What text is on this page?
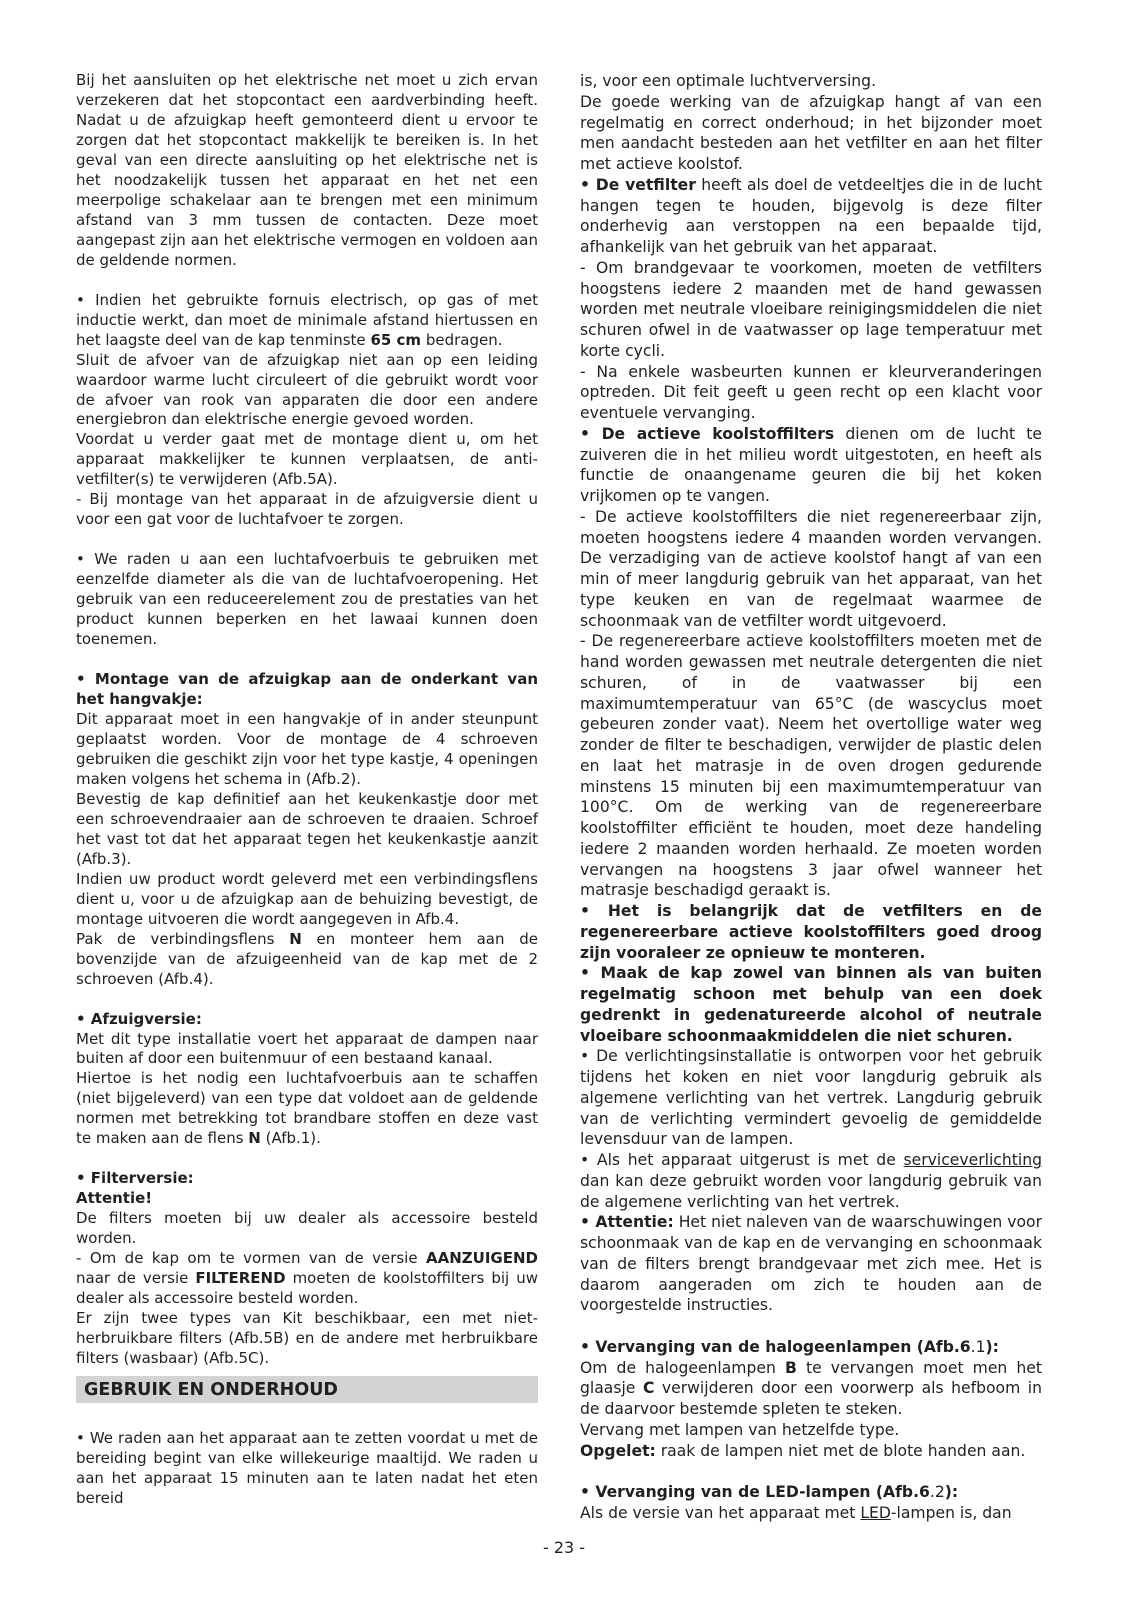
Bij het aansluiten op het elektrische net moet u zich ervan verzekeren dat het stopcontact een aardverbinding heeft. Nadat u de afzuigkap heeft gemonteerd dient u ervoor te zorgen dat het stopcontact makkelijk te bereiken is. In het geval van een directe aansluiting op het elektrische net is het noodzakelijk tussen het apparaat en het net een meerpolige schakelaar aan te brengen met een minimum afstand van 3 mm tussen de contacten. Deze moet aangepast zijn aan het elektrische vermogen en voldoen aan de geldende normen.

• Indien het gebruikte fornuis electrisch, op gas of met inductie werkt, dan moet de minimale afstand hiertussen en het laagste deel van de kap tenminste 65 cm bedragen.

Sluit de afvoer van de afzuigkap niet aan op een leiding waardoor warme lucht circuleert of die gebruikt wordt voor de afvoer van rook van apparaten die door een andere energiebron dan elektrische energie gevoed worden.

Voordat u verder gaat met de montage dient u, om het apparaat makkelijker te kunnen verplaatsen, de anti-vetfilter(s) te verwijderen (Afb.5A).

- Bij montage van het apparaat in de afzuigversie dient u voor een gat voor de luchtafvoer te zorgen.

• We raden u aan een luchtafvoerbuis te gebruiken met eenzelfde diameter als die van de luchtafvoeropening. Het gebruik van een reduceerelement zou de prestaties van het product kunnen beperken en het lawaai kunnen doen toenemen.

• Montage van de afzuigkap aan de onderkant van het hangvakje:

Dit apparaat moet in een hangvakje of in ander steunpunt geplaatst worden. Voor de montage de 4 schroeven gebruiken die geschikt zijn voor het type kastje, 4 openingen maken volgens het schema in (Afb.2).

Bevestig de kap definitief aan het keukenkastje door met een schroevendraaier aan de schroeven te draaien. Schroef het vast tot dat het apparaat tegen het keukenkastje aanzit (Afb.3).

Indien uw product wordt geleverd met een verbindingsflens dient u, voor u de afzuigkap aan de behuizing bevestigt, de montage uitvoeren die wordt aangegeven in Afb.4.

Pak de verbindingsflens N en monteer hem aan de bovenzijde van de afzuigeenheid van de kap met de 2 schroeven (Afb.4).

• Afzuigversie:

Met dit type installatie voert het apparaat de dampen naar buiten af door een buitenmuur of een bestaand kanaal.

Hiertoe is het nodig een luchtafvoerbuis aan te schaffen (niet bijgeleverd) van een type dat voldoet aan de geldende normen met betrekking tot brandbare stoffen en deze vast te maken aan de flens N (Afb.1).

• Filterversie:

Attentie!

De filters moeten bij uw dealer als accessoire besteld worden.

- Om de kap om te vormen van de versie AANZUIGEND naar de versie FILTEREND moeten de koolstoffilters bij uw dealer als accessoire besteld worden.

Er zijn twee types van Kit beschikbaar, een met niet-herbruikbare filters (Afb.5B) en de andere met herbruikbare filters (wasbaar) (Afb.5C).

GEBRUIK EN ONDERHOUD

• We raden aan het apparaat aan te zetten voordat u met de bereiding begint van elke willekeurige maaltijd. We raden u aan het apparaat 15 minuten aan te laten nadat het eten bereid

is, voor een optimale luchtverversing.

De goede werking van de afzuigkap hangt af van een regelmatig en correct onderhoud; in het bijzonder moet men aandacht besteden aan het vetfilter en aan het filter met actieve koolstof.

• De vetfilter heeft als doel de vetdeeltjes die in de lucht hangen tegen te houden, bijgevolg is deze filter onderhevig aan verstoppen na een bepaalde tijd, afhankelijk van het gebruik van het apparaat.

- Om brandgevaar te voorkomen, moeten de vetfilters hoogstens iedere 2 maanden met de hand gewassen worden met neutrale vloeibare reinigingsmiddelen die niet schuren ofwel in de vaatwasser op lage temperatuur met korte cycli.

- Na enkele wasbeurten kunnen er kleurveranderingen optreden. Dit feit geeft u geen recht op een klacht voor eventuele vervanging.

• De actieve koolstoffilters dienen om de lucht te zuiveren die in het milieu wordt uitgestoten, en heeft als functie de onaangename geuren die bij het koken vrijkomen op te vangen.

- De actieve koolstoffilters die niet regenereerbaar zijn, moeten hoogstens iedere 4 maanden worden vervangen. De verzadiging van de actieve koolstof hangt af van een min of meer langdurig gebruik van het apparaat, van het type keuken en van de regelmaat waarmee de schoonmaak van de vetfilter wordt uitgevoerd.

- De regenereerbare actieve koolstoffilters moeten met de hand worden gewassen met neutrale detergenten die niet schuren, of in de vaatwasser bij een maximumtemperatuur van 65°C (de wascyclus moet gebeuren zonder vaat). Neem het overtollige water weg zonder de filter te beschadigen, verwijder de plastic delen en laat het matrasje in de oven drogen gedurende minstens 15 minuten bij een maximumtemperatuur van 100°C. Om de werking van de regenereerbare koolstoffilter efficiënt te houden, moet deze handeling iedere 2 maanden worden herhaald. Ze moeten worden vervangen na hoogstens 3 jaar ofwel wanneer het matrasje beschadigd geraakt is.

• Het is belangrijk dat de vetfilters en de regenereerbare actieve koolstoffilters goed droog zijn vooraleer ze opnieuw te monteren.

• Maak de kap zowel van binnen als van buiten regelmatig schoon met behulp van een doek gedrenkt in gedenatureerde alcohol of neutrale vloeibare schoonmaakmiddelen die niet schuren.

• De verlichtingsinstallatie is ontworpen voor het gebruik tijdens het koken en niet voor langdurig gebruik als algemene verlichting van het vertrek. Langdurig gebruik van de verlichting vermindert gevoelig de gemiddelde levensduur van de lampen.

• Als het apparaat uitgerust is met de serviceverlichting dan kan deze gebruikt worden voor langdurig gebruik van de algemene verlichting van het vertrek.

• Attentie: Het niet naleven van de waarschuwingen voor schoonmaak van de kap en de vervanging en schoonmaak van de filters brengt brandgevaar met zich mee. Het is daarom aangeraden om zich te houden aan de voorgestelde instructies.

• Vervanging van de halogeenlampen (Afb.6.1):

Om de halogeenlampen B te vervangen moet men het glaasje C verwijderen door een voorwerp als hefboom in de daarvoor bestemde spleten te steken.

Vervang met lampen van hetzelfde type.

Opgelet: raak de lampen niet met de blote handen aan.

• Vervanging van de LED-lampen (Afb.6.2):

Als de versie van het apparaat met LED-lampen is, dan

- 23 -
